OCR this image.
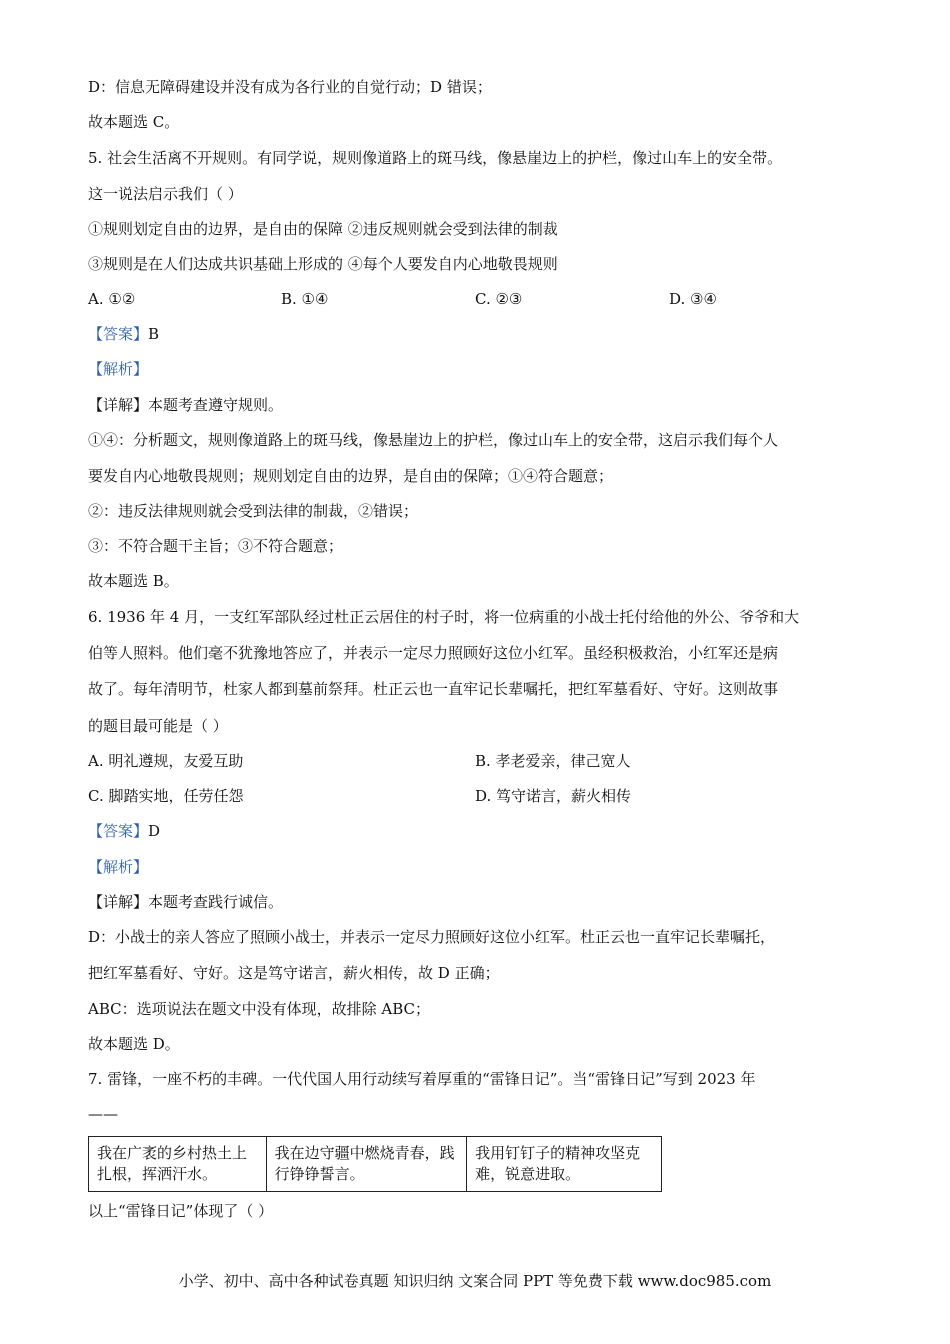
D：信息无障碍建设并没有成为各行业的自觉行动；D 错误；
故本题选 C。
5. 社会生活离不开规则。有同学说，规则像道路上的斑马线，像悬崖边上的护栏，像过山车上的安全带。
这一说法启示我们（ ）
①规则划定自由的边界，是自由的保障 ②违反规则就会受到法律的制裁
③规则是在人们达成共识基础上形成的 ④每个人要发自内心地敬畏规则
A. ①②	B. ①④	C. ②③	D. ③④
【答案】B
【解析】
【详解】本题考查遵守规则。
①④：分析题文，规则像道路上的斑马线，像悬崖边上的护栏，像过山车上的安全带，这启示我们每个人
要发自内心地敬畏规则；规则划定自由的边界，是自由的保障；①④符合题意；
②：违反法律规则就会受到法律的制裁，②错误；
③：不符合题干主旨；③不符合题意；
故本题选 B。
6. 1936 年 4 月，一支红军部队经过杜正云居住的村子时，将一位病重的小战士托付给他的外公、爷爷和大
伯等人照料。他们毫不犹豫地答应了，并表示一定尽力照顾好这位小红军。虽经积极救治，小红军还是病
故了。每年清明节，杜家人都到墓前祭拜。杜正云也一直牢记长辈嘱托，把红军墓看好、守好。这则故事
的题目最可能是（ ）
A. 明礼遵规，友爱互助	B. 孝老爱亲，律己宽人
C. 脚踏实地，任劳任怨	D. 笃守诺言，薪火相传
【答案】D
【解析】
【详解】本题考查践行诚信。
D：小战士的亲人答应了照顾小战士，并表示一定尽力照顾好这位小红军。杜正云也一直牢记长辈嘱托，
把红军墓看好、守好。这是笃守诺言，薪火相传，故 D 正确；
ABC：选项说法在题文中没有体现，故排除 ABC；
故本题选 D。
7. 雷锋，一座不朽的丰碑。一代代国人用行动续写着厚重的“雷锋日记”。当“雷锋日记”写到 2023 年
——
我在广袤的乡村热土上扎根，挥洒汗水。	我在边守疆中燃烧青春，践行铮铮誓言。	我用钉钉子的精神攻坚克难，锐意进取。
以上“雷锋日记”体现了（ ）
小学、初中、高中各种试卷真题 知识归纳 文案合同 PPT 等免费下载 www.doc985.com
